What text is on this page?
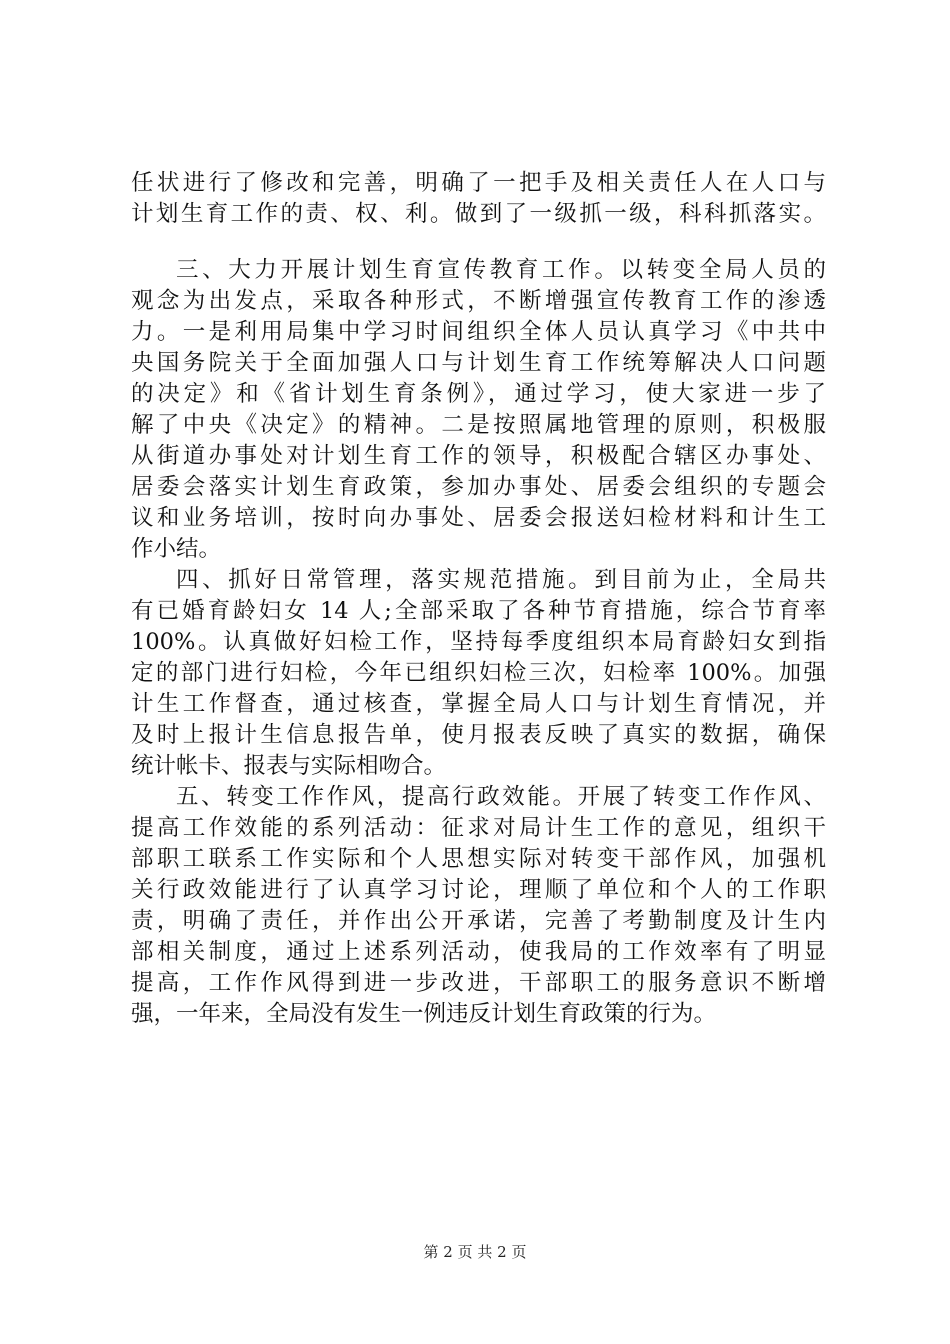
任状进行了修改和完善，明确了一把手及相关责任人在人口与
计划生育工作的责、权、利。做到了一级抓一级，科科抓落实。
三、大力开展计划生育宣传教育工作。以转变全局人员的
观念为出发点，采取各种形式，不断增强宣传教育工作的渗透
力。一是利用局集中学习时间组织全体人员认真学习《中共中
央国务院关于全面加强人口与计划生育工作统筹解决人口问题
的决定》和《省计划生育条例》，通过学习，使大家进一步了
解了中央《决定》的精神。二是按照属地管理的原则，积极服
从街道办事处对计划生育工作的领导，积极配合辖区办事处、
居委会落实计划生育政策，参加办事处、居委会组织的专题会
议和业务培训，按时向办事处、居委会报送妇检材料和计生工
作小结。
四、抓好日常管理，落实规范措施。到目前为止，全局共
有已婚育龄妇女 14 人;全部采取了各种节育措施，综合节育率
100%。认真做好妇检工作，坚持每季度组织本局育龄妇女到指
定的部门进行妇检，今年已组织妇检三次，妇检率 100%。加强
计生工作督查，通过核查，掌握全局人口与计划生育情况，并
及时上报计生信息报告单，使月报表反映了真实的数据，确保
统计帐卡、报表与实际相吻合。
五、转变工作作风，提高行政效能。开展了转变工作作风、
提高工作效能的系列活动：征求对局计生工作的意见，组织干
部职工联系工作实际和个人思想实际对转变干部作风，加强机
关行政效能进行了认真学习讨论，理顺了单位和个人的工作职
责，明确了责任，并作出公开承诺，完善了考勤制度及计生内
部相关制度，通过上述系列活动，使我局的工作效率有了明显
提高，工作作风得到进一步改进，干部职工的服务意识不断增
强，一年来，全局没有发生一例违反计划生育政策的行为。
第 2 页 共 2 页
